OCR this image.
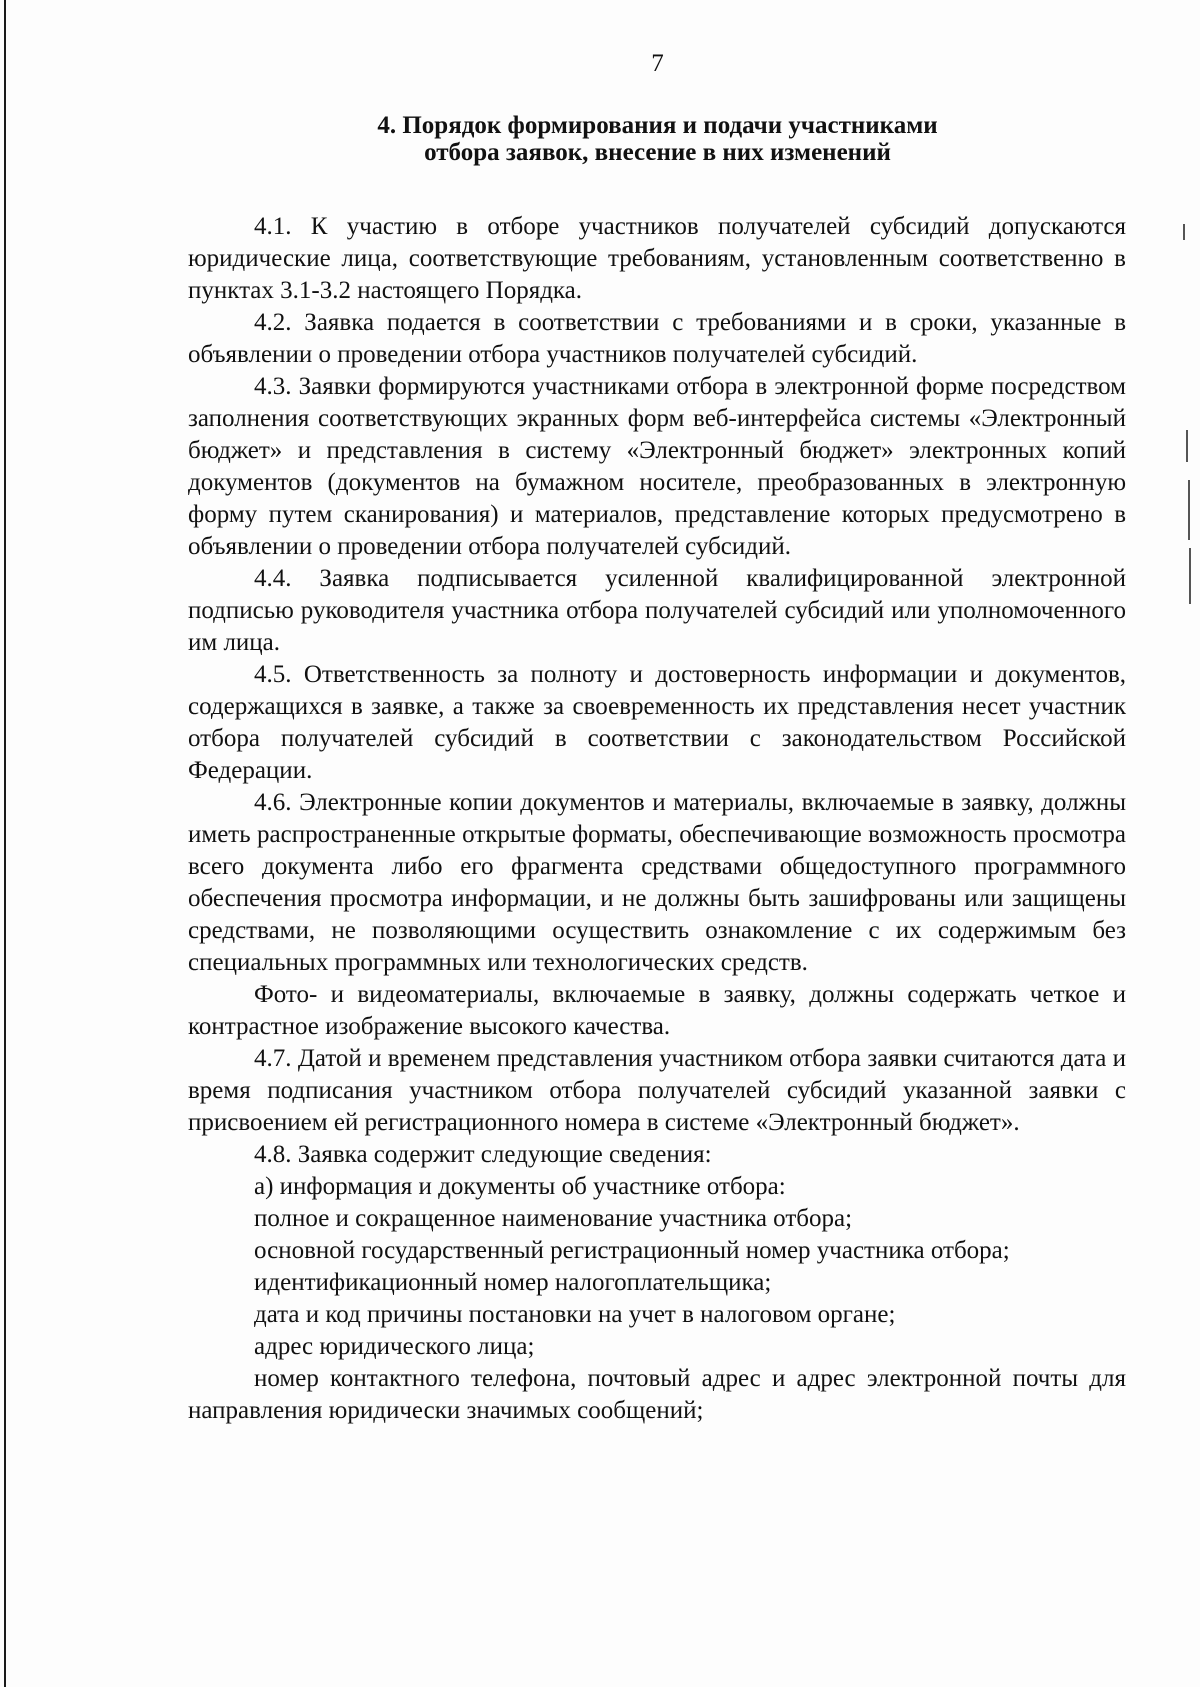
7
4. Порядок формирования и подачи участниками
отбора заявок, внесение в них изменений

4.1. К участию в отборе участников получателей субсидий допускаются юридические лица, соответствующие требованиям, установленным соответственно в пунктах 3.1-3.2 настоящего Порядка.

4.2. Заявка подается в соответствии с требованиями и в сроки, указанные в объявлении о проведении отбора участников получателей субсидий.

4.3. Заявки формируются участниками отбора в электронной форме посредством заполнения соответствующих экранных форм веб-интерфейса системы «Электронный бюджет» и представления в систему «Электронный бюджет» электронных копий документов (документов на бумажном носителе, преобразованных в электронную форму путем сканирования) и материалов, представление которых предусмотрено в объявлении о проведении отбора получателей субсидий.

4.4. Заявка подписывается усиленной квалифицированной электронной подписью руководителя участника отбора получателей субсидий или уполномоченного им лица.

4.5. Ответственность за полноту и достоверность информации и документов, содержащихся в заявке, а также за своевременность их представления несет участник отбора получателей субсидий в соответствии с законодательством Российской Федерации.

4.6. Электронные копии документов и материалы, включаемые в заявку, должны иметь распространенные открытые форматы, обеспечивающие возможность просмотра всего документа либо его фрагмента средствами общедоступного программного обеспечения просмотра информации, и не должны быть зашифрованы или защищены средствами, не позволяющими осуществить ознакомление с их содержимым без специальных программных или технологических средств.

Фото- и видеоматериалы, включаемые в заявку, должны содержать четкое и контрастное изображение высокого качества.

4.7. Датой и временем представления участником отбора заявки считаются дата и время подписания участником отбора получателей субсидий указанной заявки с присвоением ей регистрационного номера в системе «Электронный бюджет».

4.8. Заявка содержит следующие сведения:

а) информация и документы об участнике отбора:

полное и сокращенное наименование участника отбора;

основной государственный регистрационный номер участника отбора;

идентификационный номер налогоплательщика;

дата и код причины постановки на учет в налоговом органе;

адрес юридического лица;

номер контактного телефона, почтовый адрес и адрес электронной почты для направления юридически значимых сообщений;
